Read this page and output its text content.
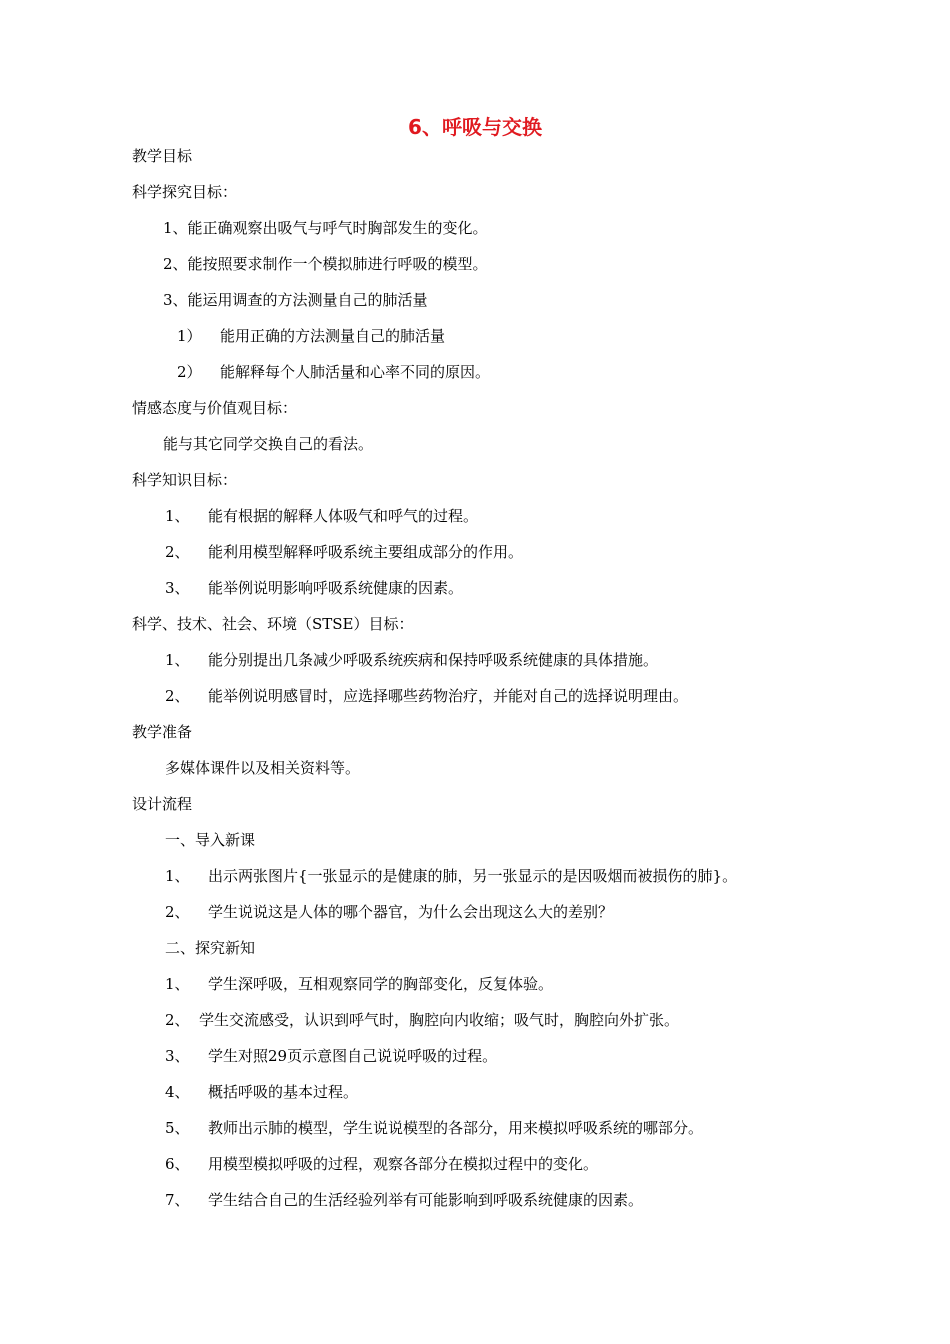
6、呼吸与交换
教学目标
科学探究目标：
1、能正确观察出吸气与呼气时胸部发生的变化。
2、能按照要求制作一个模拟肺进行呼吸的模型。
3、能运用调查的方法测量自己的肺活量
1） 能用正确的方法测量自己的肺活量
2） 能解释每个人肺活量和心率不同的原因。
情感态度与价值观目标：
能与其它同学交换自己的看法。
科学知识目标：
1、 能有根据的解释人体吸气和呼气的过程。
2、 能利用模型解释呼吸系统主要组成部分的作用。
3、 能举例说明影响呼吸系统健康的因素。
科学、技术、社会、环境（STSE）目标：
1、 能分别提出几条减少呼吸系统疾病和保持呼吸系统健康的具体措施。
2、 能举例说明感冒时，应选择哪些药物治疗，并能对自己的选择说明理由。
教学准备
多媒体课件以及相关资料等。
设计流程
一、导入新课
1、 出示两张图片{一张显示的是健康的肺，另一张显示的是因吸烟而被损伤的肺}。
2、 学生说说这是人体的哪个器官，为什么会出现这么大的差别？
二、探究新知
1、 学生深呼吸，互相观察同学的胸部变化，反复体验。
2、 学生交流感受，认识到呼气时，胸腔向内收缩；吸气时，胸腔向外扩张。
3、 学生对照29页示意图自己说说呼吸的过程。
4、 概括呼吸的基本过程。
5、 教师出示肺的模型，学生说说模型的各部分，用来模拟呼吸系统的哪部分。
6、 用模型模拟呼吸的过程，观察各部分在模拟过程中的变化。
7、 学生结合自己的生活经验列举有可能影响到呼吸系统健康的因素。
